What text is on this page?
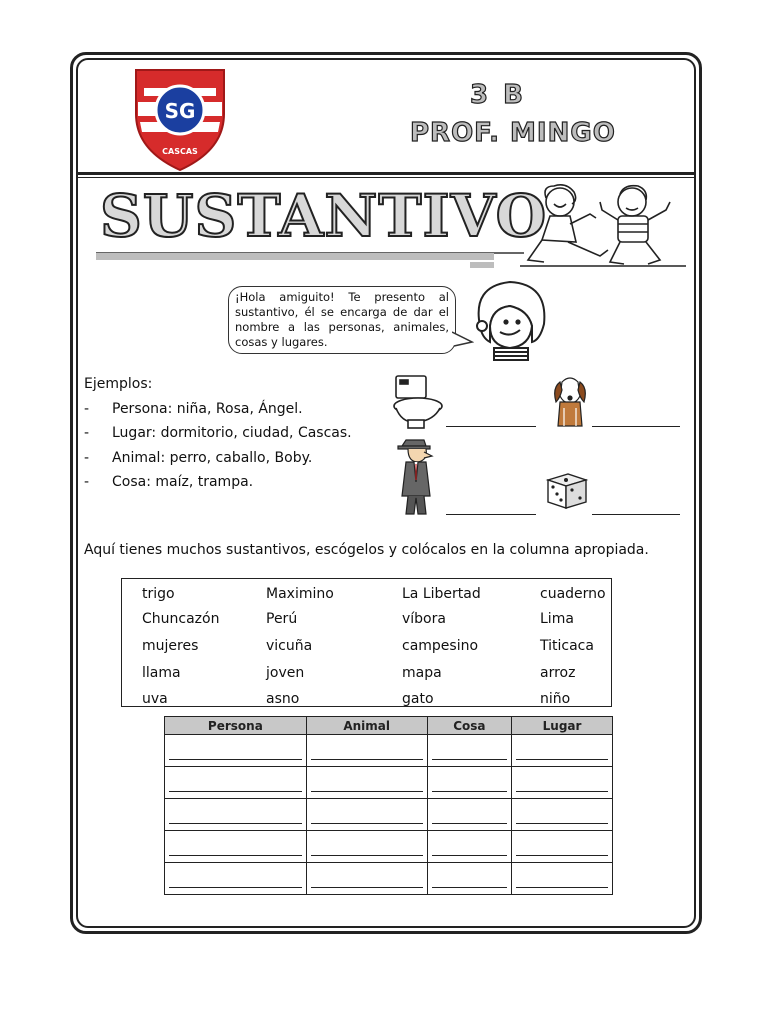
SG
CASCAS
3 B
PROF. MINGO
SUSTANTIVO
¡Hola amiguito! Te presento al sustantivo, él se encarga de dar el nombre a las personas, animales, cosas y lugares.
Ejemplos:
-	Persona: niña, Rosa, Ángel.
-	Lugar: dormitorio, ciudad, Cascas.
-	Animal: perro, caballo, Boby.
-	Cosa: maíz, trampa.
Aquí tienes muchos sustantivos, escógelos y colócalos en la columna apropiada.
trigo	Maximino	La Libertad	cuaderno
Chuncazón	Perú	víbora	Lima
mujeres	vicuña	campesino	Titicaca
llama	joven	mapa	arroz
uva	asno	gato	niño
Persona	Animal	Cosa	Lugar
